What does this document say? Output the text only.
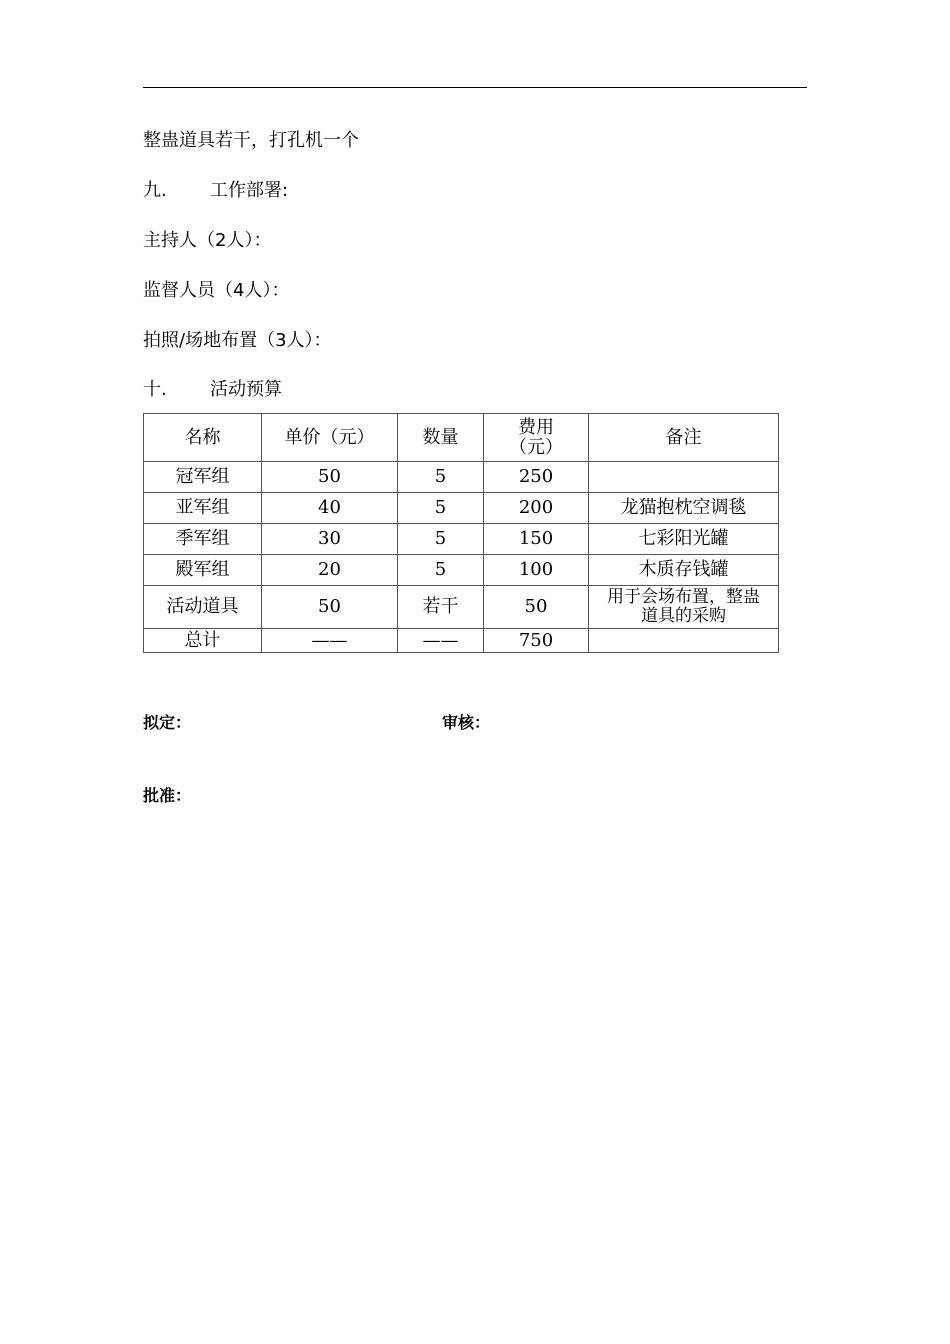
整蛊道具若干，打孔机一个
九. 工作部署:
主持人（2人）：
监督人员（4人）：
拍照/场地布置（3人）：
十. 活动预算
名称	单价（元）	数量	费用（元）	备注
冠军组	50	5	250	
亚军组	40	5	200	龙猫抱枕空调毯
季军组	30	5	150	七彩阳光罐
殿军组	20	5	100	木质存钱罐
活动道具	50	若干	50	用于会场布置，整蛊道具的采购
总计	——	——	750	
拟定：	审核：
批准：
